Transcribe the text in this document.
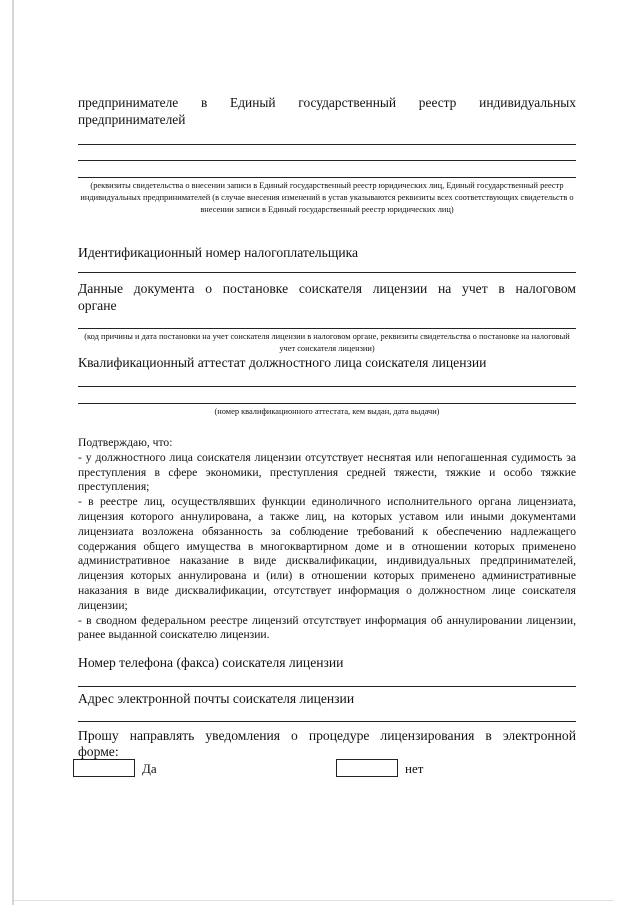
предпринимателе в Единый государственный реестр индивидуальных
предпринимателей
(реквизиты свидетельства о внесении записи в Единый государственный реестр юридических лиц, Единый государственный реестр индивидуальных предпринимателей (в случае внесения изменений в устав указываются реквизиты всех соответствующих свидетельств о внесении записи в Единый государственный реестр юридических лиц)
Идентификационный номер налогоплательщика
Данные документа о постановке соискателя лицензии на учет в налоговом
органе
(код причины и дата постановки на учет соискателя лицензии в налоговом органе, реквизиты свидетельства о постановке на налоговый учет соискателя лицензии)
Квалификационный аттестат должностного лица соискателя лицензии
(номер квалификационного аттестата, кем выдан, дата выдачи)

Подтверждаю, что:

- у должностного лица соискателя лицензии отсутствует неснятая или непогашенная судимость за преступления в сфере экономики, преступления средней тяжести, тяжкие и особо тяжкие преступления;

- в реестре лиц, осуществлявших функции единоличного исполнительного органа лицензиата, лицензия которого аннулирована, а также лиц, на которых уставом или иными документами лицензиата возложена обязанность за соблюдение требований к обеспечению надлежащего содержания общего имущества в многоквартирном доме и в отношении которых применено административное наказание в виде дисквалификации, индивидуальных предпринимателей, лицензия которых аннулирована и (или) в отношении которых применено административные наказания в виде дисквалификации, отсутствует информация о должностном лице соискателя лицензии;

- в сводном федеральном реестре лицензий отсутствует информация об аннулировании лицензии, ранее выданной соискателю лицензии.

Номер телефона (факса) соискателя лицензии
Адрес электронной почты соискателя лицензии
Прошу направлять уведомления о процедуре лицензирования в электронной
форме:
Да	нет
